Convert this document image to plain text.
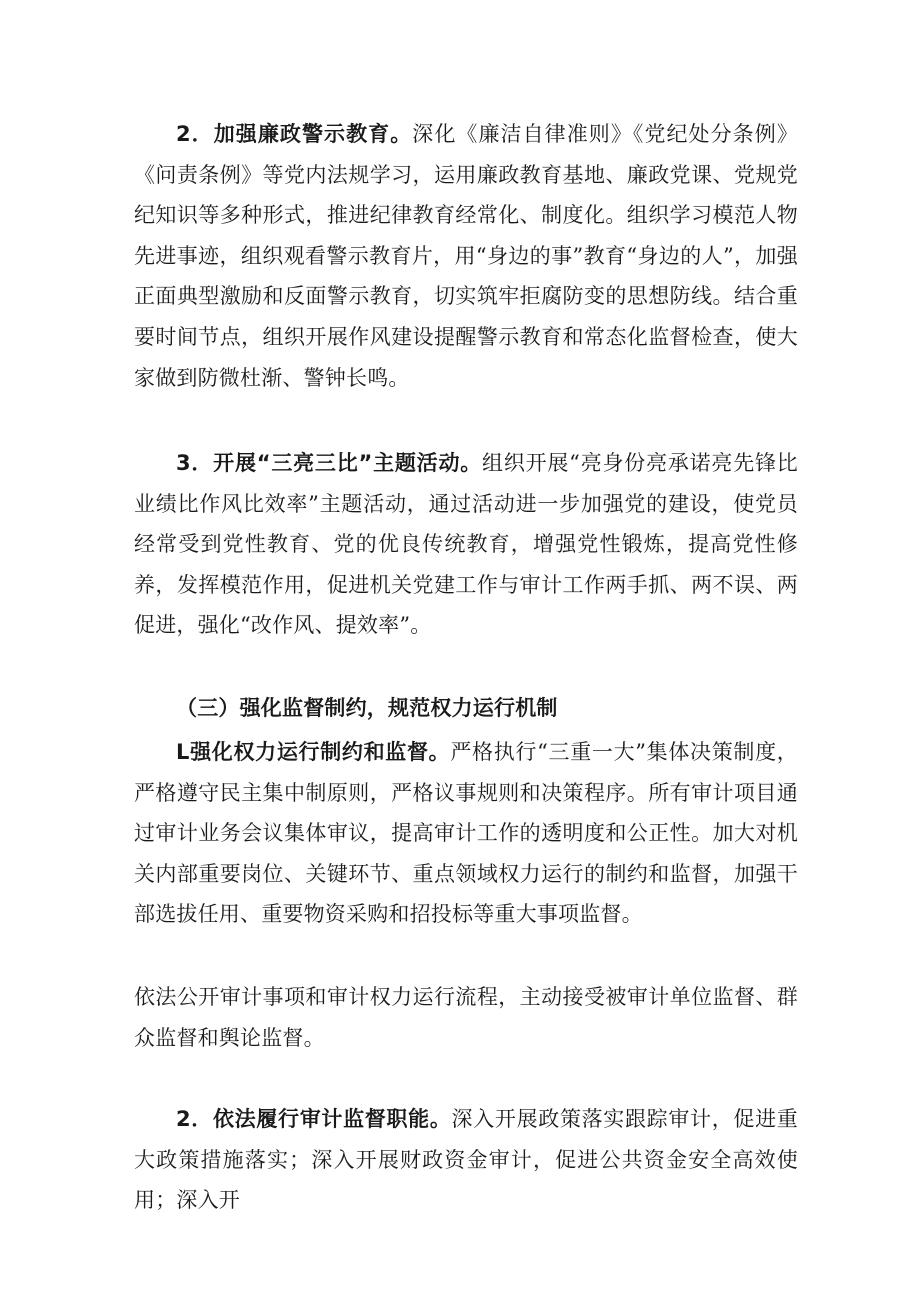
2．加强廉政警示教育。深化《廉洁自律准则》《党纪处分条例》《问责条例》等党内法规学习，运用廉政教育基地、廉政党课、党规党纪知识等多种形式，推进纪律教育经常化、制度化。组织学习模范人物先进事迹，组织观看警示教育片，用“身边的事”教育“身边的人”，加强正面典型激励和反面警示教育，切实筑牢拒腐防变的思想防线。结合重要时间节点，组织开展作风建设提醒警示教育和常态化监督检查，使大家做到防微杜渐、警钟长鸣。

3．开展“三亮三比”主题活动。组织开展“亮身份亮承诺亮先锋比业绩比作风比效率”主题活动，通过活动进一步加强党的建设，使党员经常受到党性教育、党的优良传统教育，增强党性锻炼，提高党性修养，发挥模范作用，促进机关党建工作与审计工作两手抓、两不误、两促进，强化“改作风、提效率”。

（三）强化监督制约，规范权力运行机制

L强化权力运行制约和监督。严格执行“三重一大”集体决策制度，严格遵守民主集中制原则，严格议事规则和决策程序。所有审计项目通过审计业务会议集体审议，提高审计工作的透明度和公正性。加大对机关内部重要岗位、关键环节、重点领域权力运行的制约和监督，加强干部选拔任用、重要物资采购和招投标等重大事项监督。

依法公开审计事项和审计权力运行流程，主动接受被审计单位监督、群众监督和舆论监督。

2．依法履行审计监督职能。深入开展政策落实跟踪审计，促进重大政策措施落实；深入开展财政资金审计，促进公共资金安全高效使用；深入开
